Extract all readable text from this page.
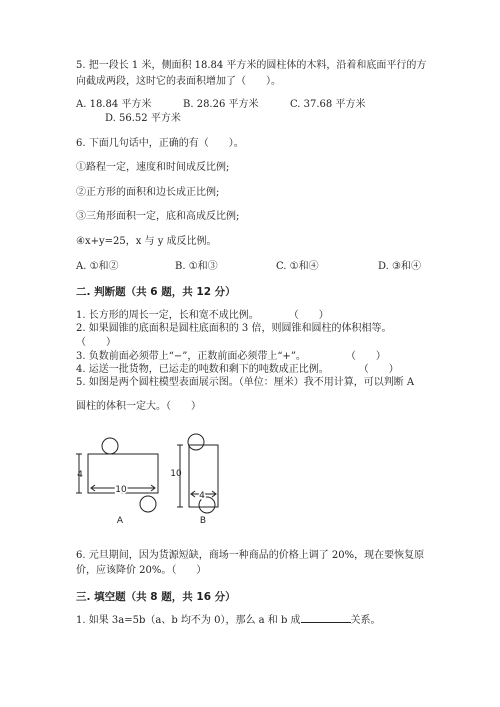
5. 把一段长 1 米，侧面积 18.84 平方米的圆柱体的木料，沿着和底面平行的方
向截成两段，这时它的表面积增加了（　　）。
A. 18.84 平方米	B. 28.26 平方米	C. 37.68 平方米
D. 56.52 平方米
6. 下面几句话中，正确的有（　　）。
①路程一定，速度和时间成反比例;
②正方形的面积和边长成正比例;
③三角形面积一定，底和高成反比例;
④x+y=25，x 与 y 成反比例。
A. ①和②	B. ①和③	C. ①和④	D. ③和④
二. 判断题（共 6 题，共 12 分）
1. 长方形的周长一定，长和宽不成比例。　　　　（　　）
2. 如果圆锥的底面积是圆柱底面积的 3 倍，则圆锥和圆柱的体积相等。
（　　）
3. 负数前面必须带上“−”，正数前面必须带上“+”。　　　　　（　　）
4. 运送一批货物，已运走的吨数和剩下的吨数成正比例。　　　　（　　）
5. 如图是两个圆柱模型表面展示图。（单位：厘米）我不用计算，可以判断 A
圆柱的体积一定大。（　　）
4
10
A
10
4
B
6. 元旦期间，因为货源短缺，商场一种商品的价格上调了 20%，现在要恢复原
价，应该降价 20%。（　　）
三. 填空题（共 8 题，共 16 分）
1. 如果 3a=5b（a、b 均不为 0），那么 a 和 b 成	关系。
